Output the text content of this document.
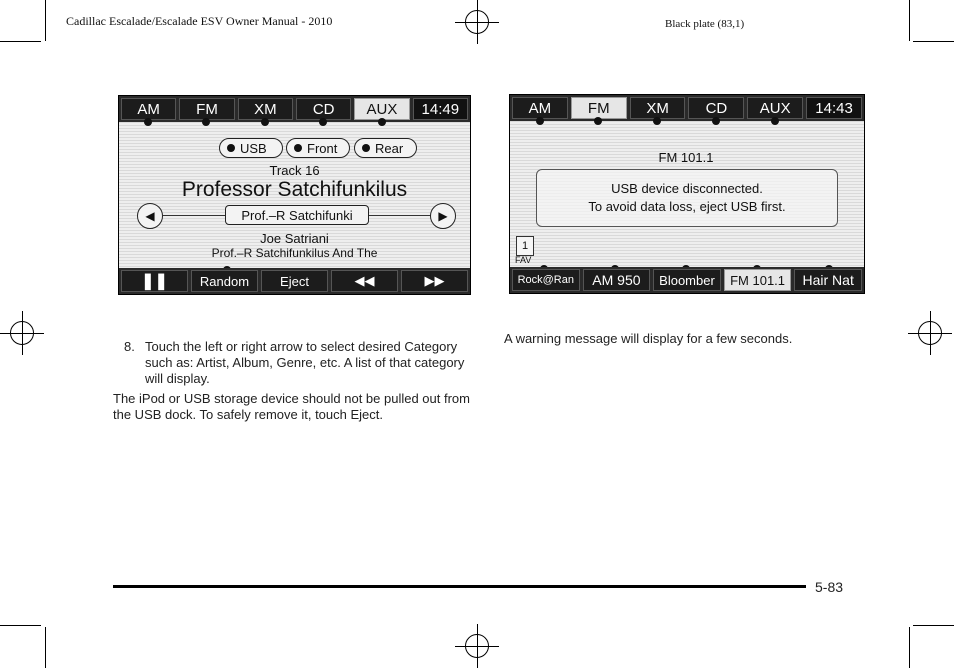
Cadillac Escalade/Escalade ESV Owner Manual - 2010	Black plate (83,1)
AM	FM	XM	CD	AUX	14:49
USB	Front	Rear
Track 16
Professor Satchifunkilus
◀	▶
Prof.–R Satchifunki
Joe Satriani
Prof.–R Satchifunkilus And The
❚❚	Random	Eject	◀◀	▶▶
AM	FM	XM	CD	AUX	14:43
FM 101.1
USB device disconnected.
To avoid data loss, eject USB first.
1
FAV
Rock@Ran	AM 950	Bloomber	FM 101.1	Hair Nat
8. Touch the left or right arrow to select desired Category such as: Artist, Album, Genre, etc. A list of that category will display.
The iPod or USB storage device should not be pulled out from the USB dock. To safely remove it, touch Eject.
A warning message will display for a few seconds.
5-83
